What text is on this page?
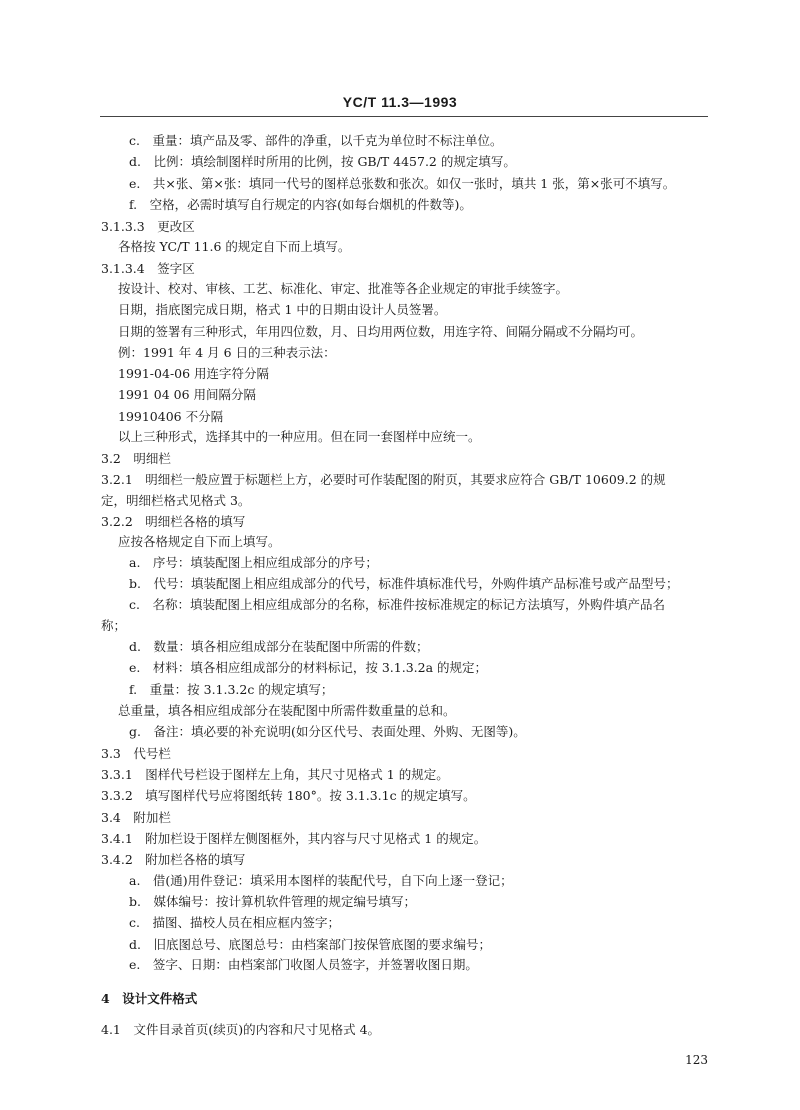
YC/T 11.3—1993
c.　重量：填产品及零、部件的净重，以千克为单位时不标注单位。
d.　比例：填绘制图样时所用的比例，按 GB/T 4457.2 的规定填写。
e.　共×张、第×张：填同一代号的图样总张数和张次。如仅一张时，填共 1 张，第×张可不填写。
f.　空格，必需时填写自行规定的内容(如每台烟机的件数等)。
3.1.3.3　更改区
各格按 YC/T 11.6 的规定自下而上填写。
3.1.3.4　签字区
按设计、校对、审核、工艺、标准化、审定、批准等各企业规定的审批手续签字。
日期，指底图完成日期，格式 1 中的日期由设计人员签署。
日期的签署有三种形式，年用四位数，月、日均用两位数，用连字符、间隔分隔或不分隔均可。
例：1991 年 4 月 6 日的三种表示法：
1991-04-06 用连字符分隔
1991 04 06 用间隔分隔
19910406 不分隔
以上三种形式，选择其中的一种应用。但在同一套图样中应统一。
3.2　明细栏
3.2.1　明细栏一般应置于标题栏上方，必要时可作装配图的附页，其要求应符合 GB/T 10609.2 的规
定，明细栏格式见格式 3。
3.2.2　明细栏各格的填写
应按各格规定自下而上填写。
a.　序号：填装配图上相应组成部分的序号；
b.　代号：填装配图上相应组成部分的代号，标准件填标准代号，外购件填产品标准号或产品型号；
c.　名称：填装配图上相应组成部分的名称，标准件按标准规定的标记方法填写，外购件填产品名
称；
d.　数量：填各相应组成部分在装配图中所需的件数；
e.　材料：填各相应组成部分的材料标记，按 3.1.3.2a 的规定；
f.　重量：按 3.1.3.2c 的规定填写；
总重量，填各相应组成部分在装配图中所需件数重量的总和。
g.　备注：填必要的补充说明(如分区代号、表面处理、外购、无图等)。
3.3　代号栏
3.3.1　图样代号栏设于图样左上角，其尺寸见格式 1 的规定。
3.3.2　填写图样代号应将图纸转 180°。按 3.1.3.1c 的规定填写。
3.4　附加栏
3.4.1　附加栏设于图样左侧图框外，其内容与尺寸见格式 1 的规定。
3.4.2　附加栏各格的填写
a.　借(通)用件登记：填采用本图样的装配代号，自下向上逐一登记；
b.　媒体编号：按计算机软件管理的规定编号填写；
c.　描图、描校人员在相应框内签字；
d.　旧底图总号、底图总号：由档案部门按保管底图的要求编号；
e.　签字、日期：由档案部门收图人员签字，并签署收图日期。
4　设计文件格式
4.1　文件目录首页(续页)的内容和尺寸见格式 4。
123
